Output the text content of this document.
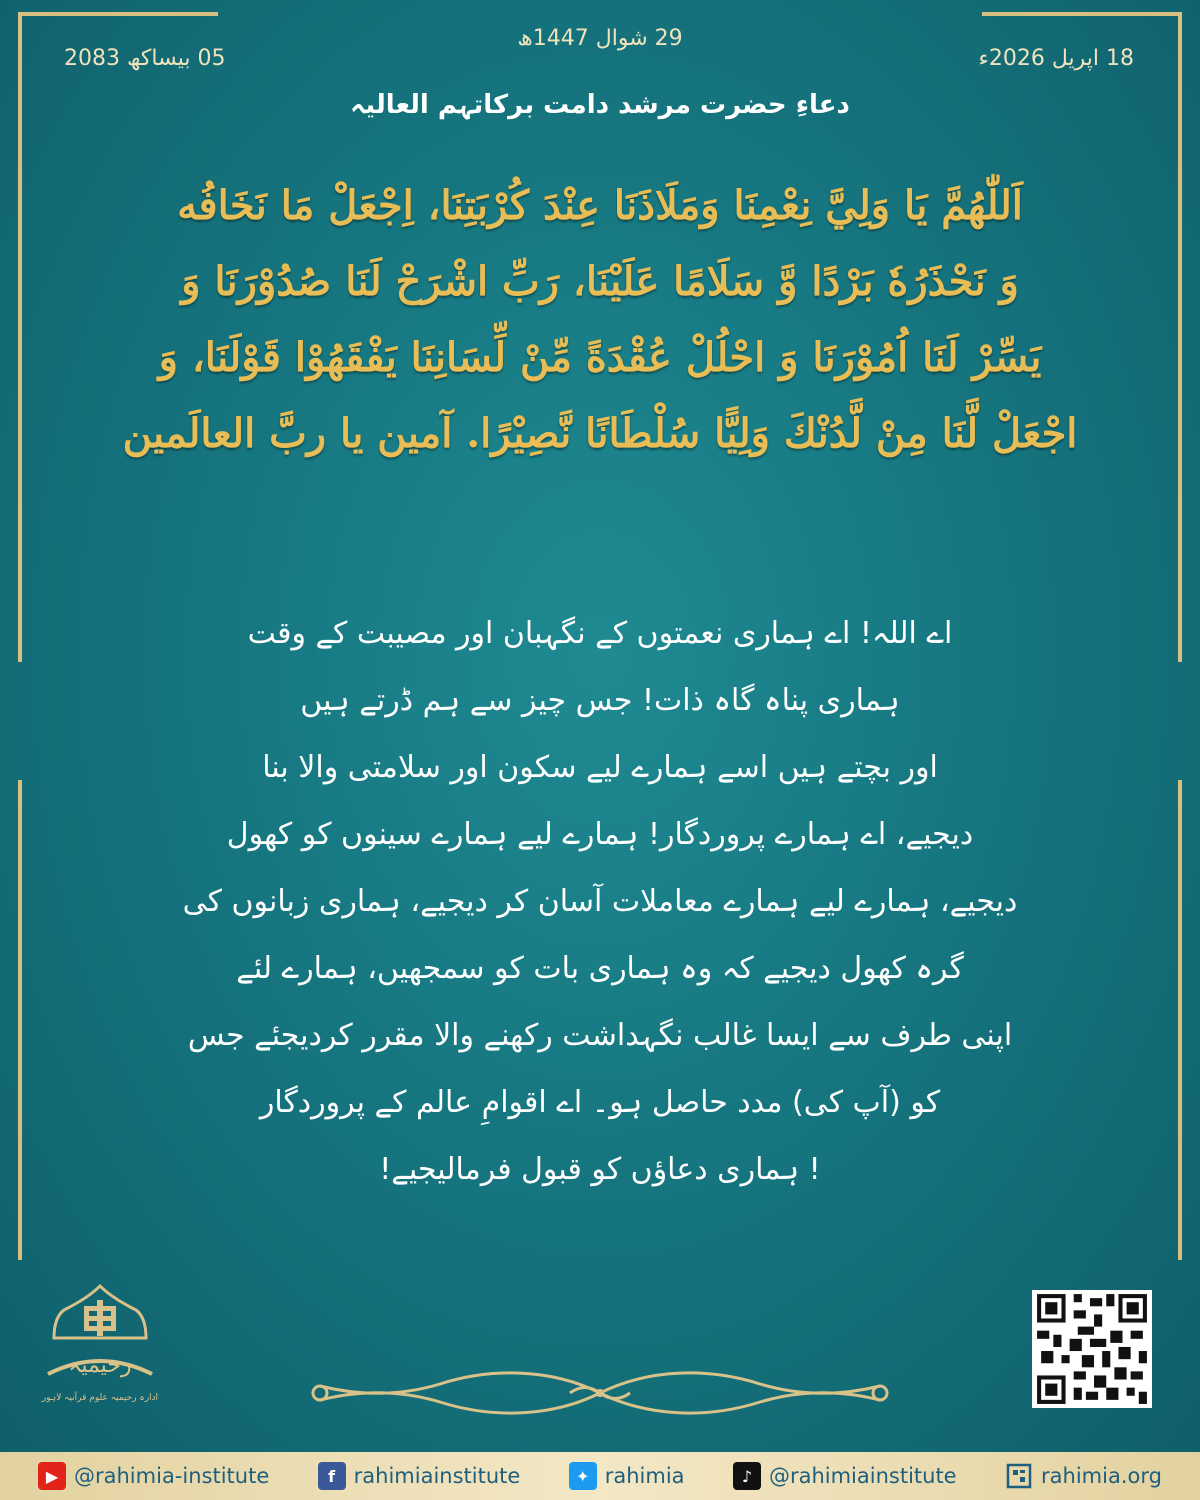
29 شوال 1447ھ
18 اپریل 2026ء
05 بیساکھ 2083
دعاءِ حضرت مرشد دامت برکاتہم العالیہ
اَللّٰهُمَّ يَا وَلِيَّ نِعْمِنَا وَمَلَاذَنَا عِنْدَ كُرْبَتِنَا، اِجْعَلْ مَا نَخَافُه
وَ نَحْذَرُهٗ بَرْدًا وَّ سَلَامًا عَلَيْنَا، رَبِّ اشْرَحْ لَنَا صُدُوْرَنَا وَ
يَسِّرْ لَنَا اُمُوْرَنَا وَ احْلُلْ عُقْدَةً مِّنْ لِّسَانِنَا يَفْقَهُوْا قَوْلَنَا، وَ
اجْعَلْ لَّنَا مِنْ لَّدُنْكَ وَلِيًّا سُلْطَانًا نَّصِيْرًا. آمين يا ربَّ العالَمين
اے اللہ! اے ہماری نعمتوں کے نگہبان اور مصیبت کے وقت
ہماری پناہ گاہ ذات! جس چیز سے ہم ڈرتے ہیں
اور بچتے ہیں اسے ہمارے لیے سکون اور سلامتی والا بنا
دیجیے، اے ہمارے پروردگار! ہمارے لیے ہمارے سینوں کو کھول
دیجیے، ہمارے لیے ہمارے معاملات آسان کر دیجیے، ہماری زبانوں کی
گرہ کھول دیجیے کہ وہ ہماری بات کو سمجھیں، ہمارے لئے
اپنی طرف سے ایسا غالب نگہداشت رکھنے والا مقرر کردیجئے جس
کو (آپ کی) مدد حاصل ہو۔ اے اقوامِ عالم کے پروردگار
! ہماری دعاؤں کو قبول فرمالیجیے!
رحیمیہ
ادارہ رحیمیہ علوم قرآنیہ لاہور
▶ @rahimia-institute	f rahimiainstitute	✦ rahimia	♪ @rahimiainstitute	rahimia.org
